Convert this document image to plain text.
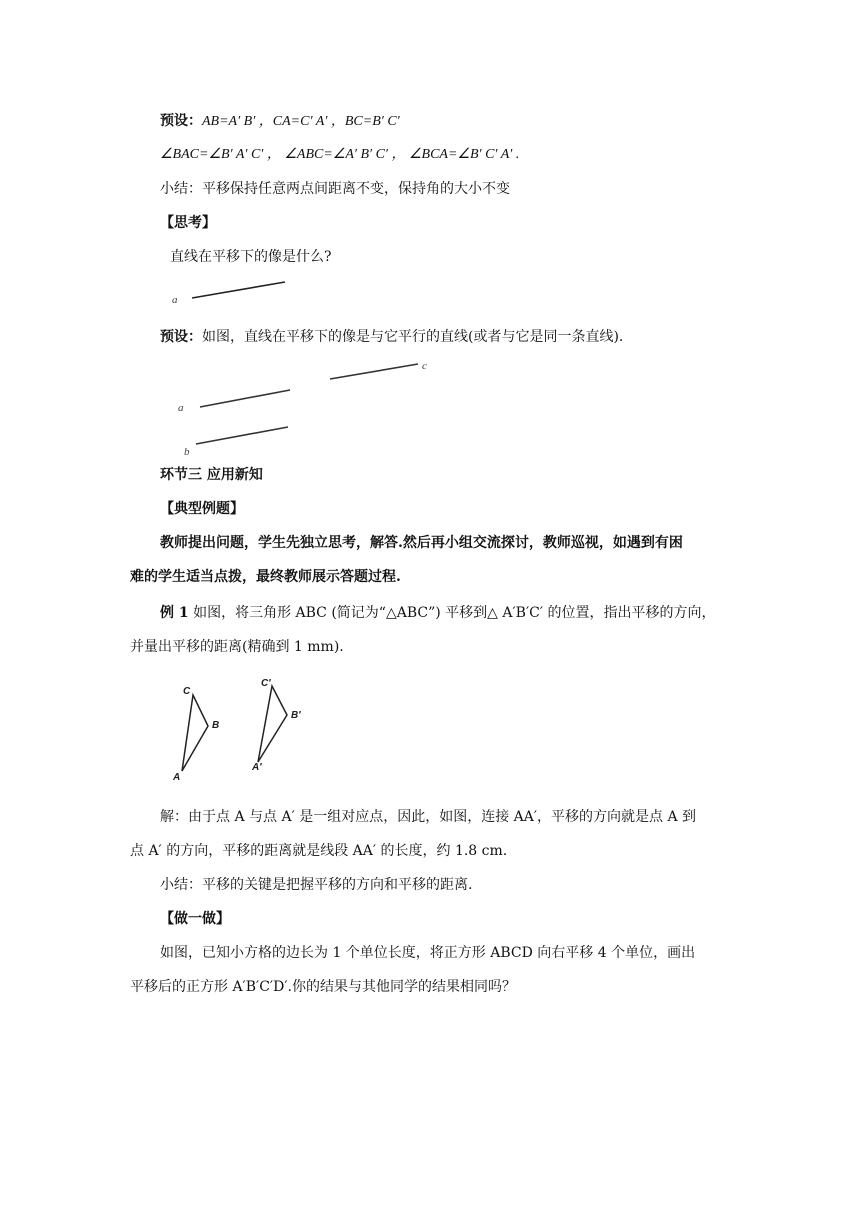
预设：AB=A′ B′ ，CA=C′ A′ ，BC=B′ C′
∠BAC=∠B′ A′ C′ ， ∠ABC=∠A′ B′ C′ ， ∠BCA=∠B′ C′ A′ .
小结：平移保持任意两点间距离不变，保持角的大小不变
【思考】
直线在平移下的像是什么?
a
预设：如图，直线在平移下的像是与它平行的直线(或者与它是同一条直线).
c
a
b
环节三 应用新知
【典型例题】
教师提出问题，学生先独立思考，解答.然后再小组交流探讨，教师巡视，如遇到有困
难的学生适当点拨，最终教师展示答题过程.
例 1 如图，将三角形 ABC (简记为“△ABC”) 平移到△ A′B′C′ 的位置，指出平移的方向，
并量出平移的距离(精确到 1 mm).
C
B
A
C′
B′
A′
解：由于点 A 与点 A′ 是一组对应点，因此，如图，连接 AA′，平移的方向就是点 A 到
点 A′ 的方向，平移的距离就是线段 AA′ 的长度，约 1.8 cm.
小结：平移的关键是把握平移的方向和平移的距离.
【做一做】
如图，已知小方格的边长为 1 个单位长度，将正方形 ABCD 向右平移 4 个单位，画出
平移后的正方形 A′B′C′D′.你的结果与其他同学的结果相同吗？
